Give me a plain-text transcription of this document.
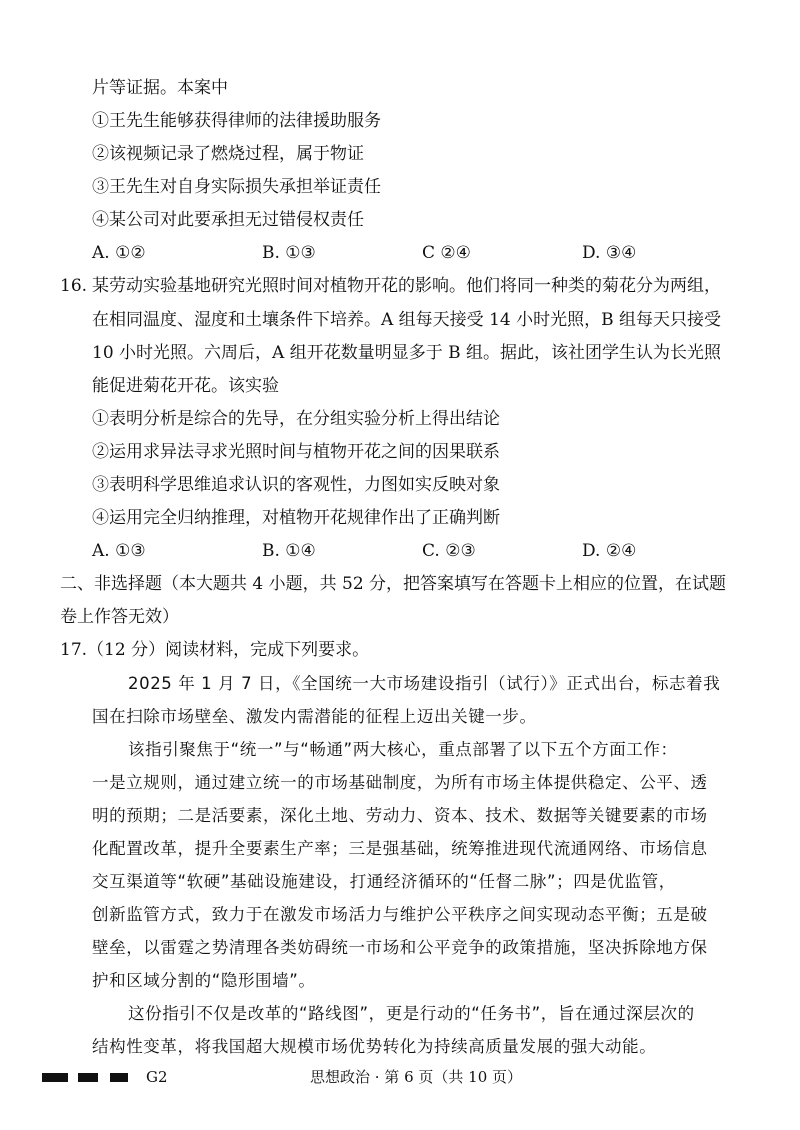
片等证据。本案中
①王先生能够获得律师的法律援助服务
②该视频记录了燃烧过程，属于物证
③王先生对自身实际损失承担举证责任
④某公司对此要承担无过错侵权责任
A. ①②	B. ①③	C ②④	D. ③④
16. 某劳动实验基地研究光照时间对植物开花的影响。他们将同一种类的菊花分为两组，
在相同温度、湿度和土壤条件下培养。A 组每天接受 14 小时光照，B 组每天只接受
10 小时光照。六周后，A 组开花数量明显多于 B 组。据此，该社团学生认为长光照
能促进菊花开花。该实验
①表明分析是综合的先导，在分组实验分析上得出结论
②运用求异法寻求光照时间与植物开花之间的因果联系
③表明科学思维追求认识的客观性，力图如实反映对象
④运用完全归纳推理，对植物开花规律作出了正确判断
A. ①③	B. ①④	C. ②③	D. ②④
二、非选择题（本大题共 4 小题，共 52 分，把答案填写在答题卡上相应的位置，在试题
卷上作答无效）
17.（12 分）阅读材料，完成下列要求。
2025 年 1 月 7 日，《全国统一大市场建设指引（试行）》正式出台，标志着我
国在扫除市场壁垒、激发内需潜能的征程上迈出关键一步。
该指引聚焦于“统一”与“畅通”两大核心，重点部署了以下五个方面工作：
一是立规则，通过建立统一的市场基础制度，为所有市场主体提供稳定、公平、透
明的预期；二是活要素，深化土地、劳动力、资本、技术、数据等关键要素的市场
化配置改革，提升全要素生产率；三是强基础，统筹推进现代流通网络、市场信息
交互渠道等“软硬”基础设施建设，打通经济循环的“任督二脉”；四是优监管，
创新监管方式，致力于在激发市场活力与维护公平秩序之间实现动态平衡；五是破
壁垒，以雷霆之势清理各类妨碍统一市场和公平竞争的政策措施，坚决拆除地方保
护和区域分割的“隐形围墙”。
这份指引不仅是改革的“路线图”，更是行动的“任务书”，旨在通过深层次的
结构性变革，将我国超大规模市场优势转化为持续高质量发展的强大动能。
G2	思想政治 · 第 6 页（共 10 页）
